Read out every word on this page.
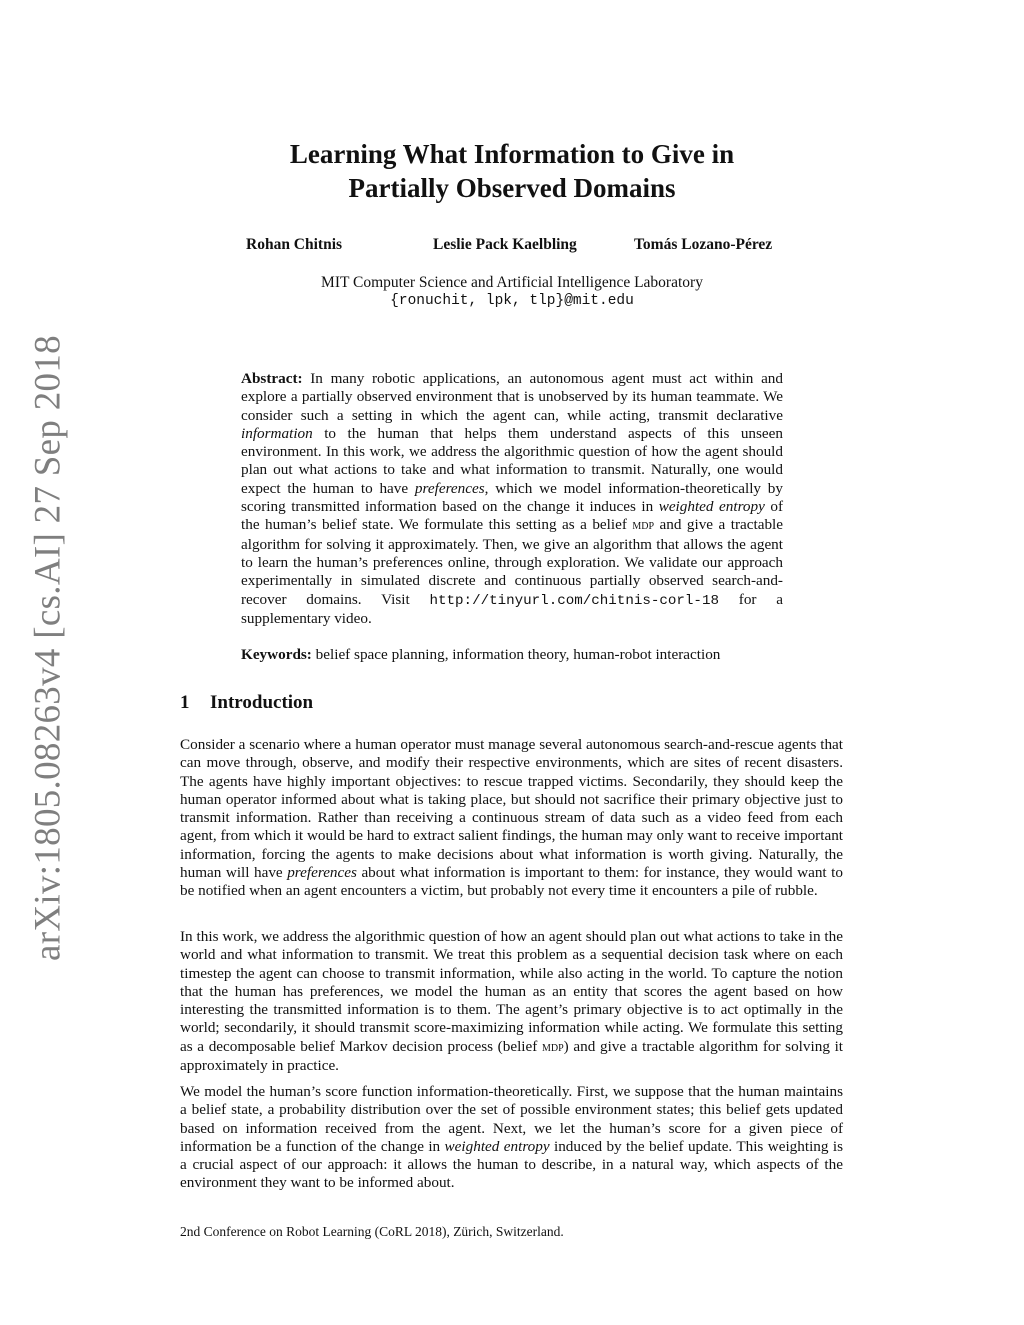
arXiv:1805.08263v4 [cs.AI] 27 Sep 2018
Learning What Information to Give in
Partially Observed Domains
Rohan Chitnis	Leslie Pack Kaelbling	Tomás Lozano-Pérez
MIT Computer Science and Artificial Intelligence Laboratory
{ronuchit, lpk, tlp}@mit.edu
Abstract: In many robotic applications, an autonomous agent must act within and explore a partially observed environment that is unobserved by its human teammate. We consider such a setting in which the agent can, while acting, transmit declarative information to the human that helps them understand aspects of this unseen environment. In this work, we address the algorithmic question of how the agent should plan out what actions to take and what information to transmit. Naturally, one would expect the human to have preferences, which we model information-theoretically by scoring transmitted information based on the change it induces in weighted entropy of the human’s belief state. We formulate this setting as a belief mdp and give a tractable algorithm for solving it approximately. Then, we give an algorithm that allows the agent to learn the human’s preferences online, through exploration. We validate our approach experimentally in simulated discrete and continuous partially observed search-and-recover domains. Visit http://tinyurl.com/chitnis-corl-18 for a supplementary video.
Keywords: belief space planning, information theory, human-robot interaction
1 Introduction
Consider a scenario where a human operator must manage several autonomous search-and-rescue agents that can move through, observe, and modify their respective environments, which are sites of recent disasters. The agents have highly important objectives: to rescue trapped victims. Secondarily, they should keep the human operator informed about what is taking place, but should not sacrifice their primary objective just to transmit information. Rather than receiving a continuous stream of data such as a video feed from each agent, from which it would be hard to extract salient findings, the human may only want to receive important information, forcing the agents to make decisions about what information is worth giving. Naturally, the human will have preferences about what information is important to them: for instance, they would want to be notified when an agent encounters a victim, but probably not every time it encounters a pile of rubble.
In this work, we address the algorithmic question of how an agent should plan out what actions to take in the world and what information to transmit. We treat this problem as a sequential decision task where on each timestep the agent can choose to transmit information, while also acting in the world. To capture the notion that the human has preferences, we model the human as an entity that scores the agent based on how interesting the transmitted information is to them. The agent’s primary objective is to act optimally in the world; secondarily, it should transmit score-maximizing information while acting. We formulate this setting as a decomposable belief Markov decision process (belief mdp) and give a tractable algorithm for solving it approximately in practice.
We model the human’s score function information-theoretically. First, we suppose that the human maintains a belief state, a probability distribution over the set of possible environment states; this belief gets updated based on information received from the agent. Next, we let the human’s score for a given piece of information be a function of the change in weighted entropy induced by the belief update. This weighting is a crucial aspect of our approach: it allows the human to describe, in a natural way, which aspects of the environment they want to be informed about.
2nd Conference on Robot Learning (CoRL 2018), Zürich, Switzerland.
